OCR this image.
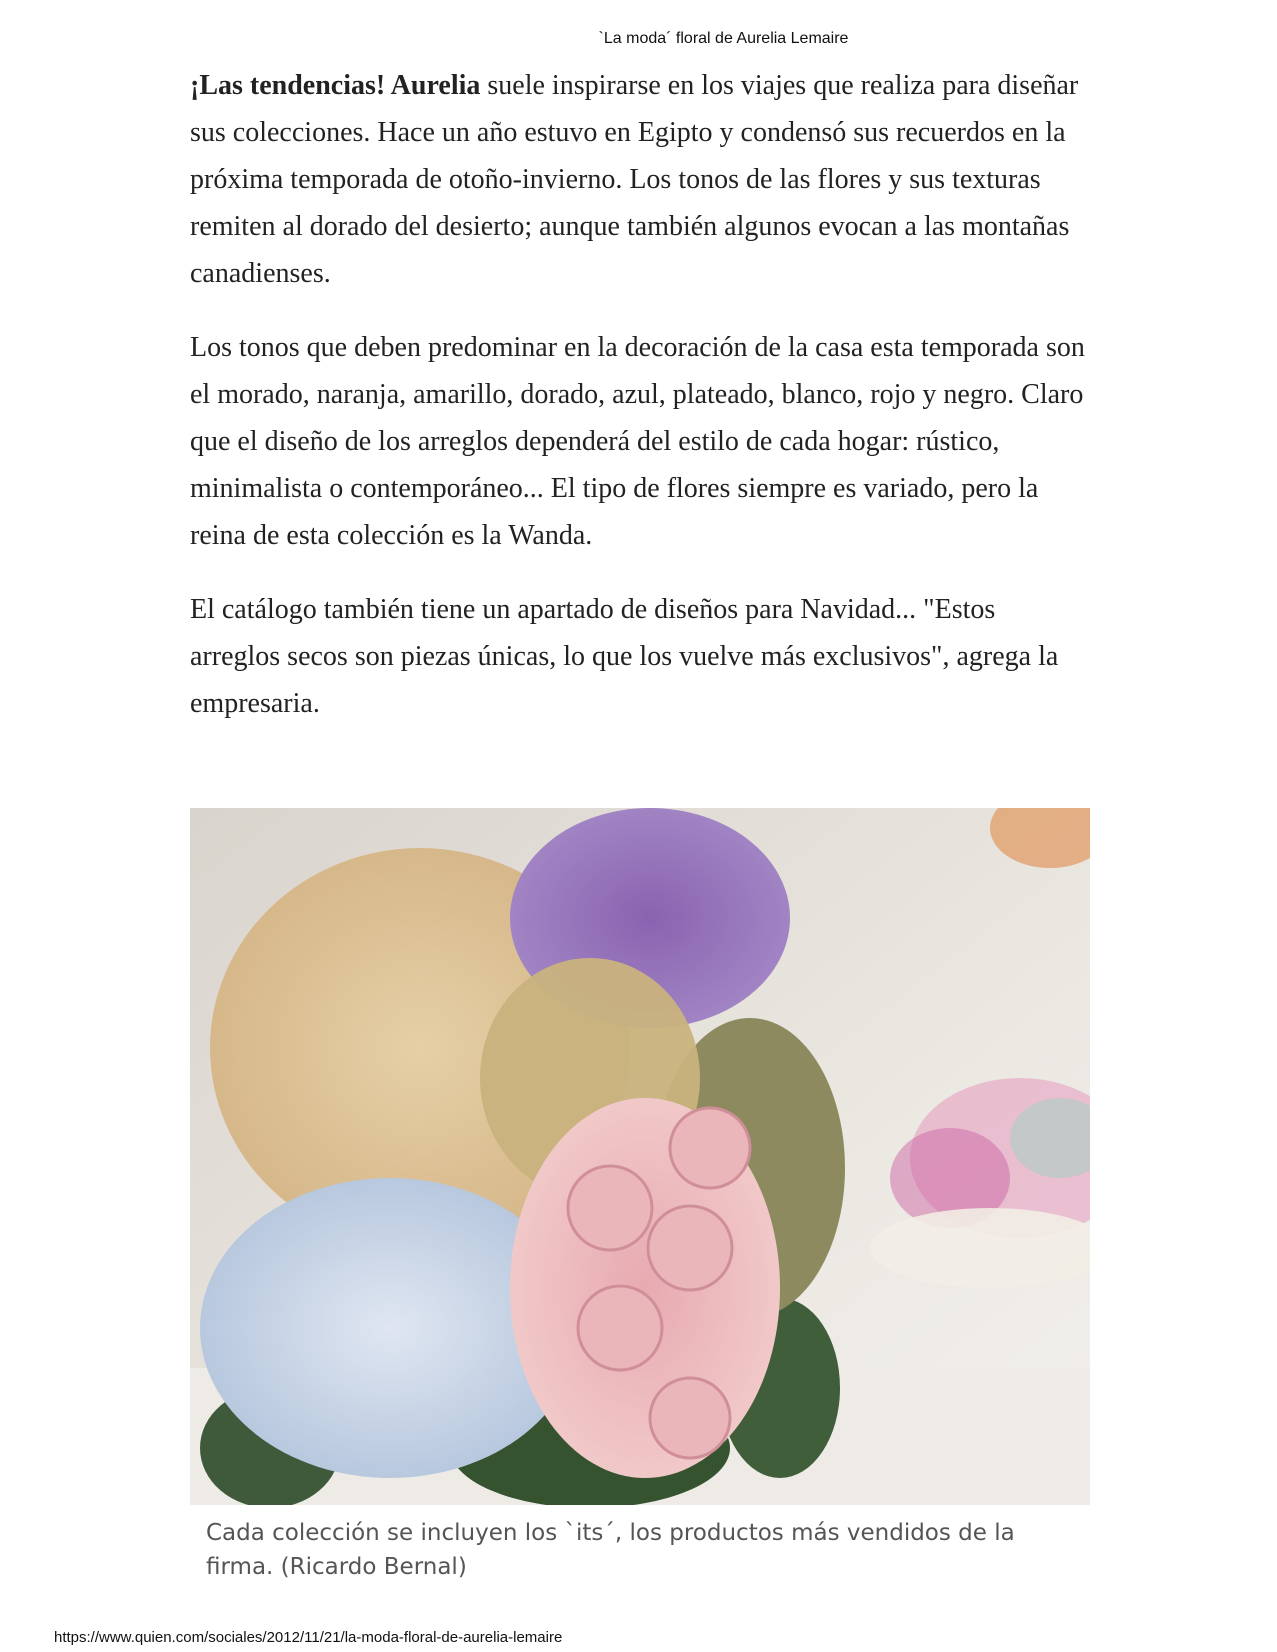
`La moda´ floral de Aurelia Lemaire

¡Las tendencias! Aurelia suele inspirarse en los viajes que realiza para diseñar sus colecciones. Hace un año estuvo en Egipto y condensó sus recuerdos en la próxima temporada de otoño-invierno. Los tonos de las flores y sus texturas remiten al dorado del desierto; aunque también algunos evocan a las montañas canadienses.

Los tonos que deben predominar en la decoración de la casa esta temporada son el morado, naranja, amarillo, dorado, azul, plateado, blanco, rojo y negro. Claro que el diseño de los arreglos dependerá del estilo de cada hogar: rústico, minimalista o contemporáneo... El tipo de flores siempre es variado, pero la reina de esta colección es la Wanda.

El catálogo también tiene un apartado de diseños para Navidad... "Estos arreglos secos son piezas únicas, lo que los vuelve más exclusivos", agrega la empresaria.

Cada colección se incluyen los `its´, los productos más vendidos de la firma. (Ricardo Bernal)
https://www.quien.com/sociales/2012/11/21/la-moda-floral-de-aurelia-lemaire
